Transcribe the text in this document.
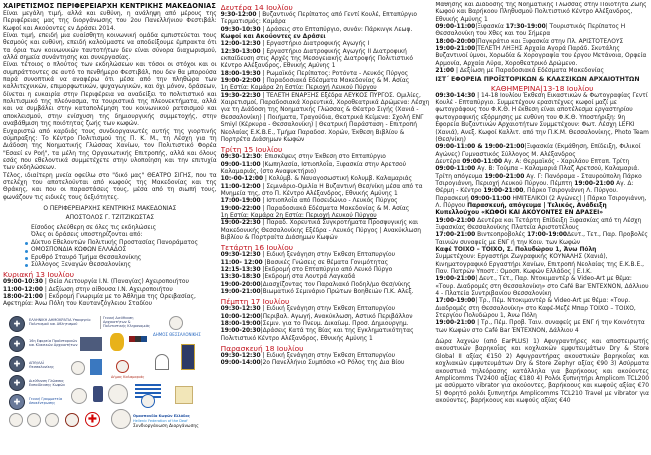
ΧΑΙΡΕΤΙΣΜΟΣ ΠΕΡΙΦΕΡΕΙΑΡΧΗ ΚΕΝΤΡΙΚΗΣ ΜΑΚΕΔΟΝΙΑΣ

Είναι μεγάλη τιμή, αλλά και ευθύνη, η ανάληψη από μέρους της Περιφέρειας μας της διοργάνωσης του 2ου Πανελλήνιου Φεστιβάλ: Κωφοί και Ακούοντες εν Δράσει 2014.

Είναι τιμή, επειδή μια ευαίσθητη κοινωνική ομάδα εμπιστεύεται τους θεσμούς και ευθύνη, επειδή καλούμαστε να αποδείξουμε έμπρακτα ότι τα όρια των κοινωνικών ταυτοτήτων δεν είναι σύνορα διαχωρισμού, αλλά σημεία συνάντησης και συνεργασίας.

Είναι τέτοιος ο πλούτος των εκδηλώσεων και τόσοι οι στόχοι και οι συμπράττοντες σε αυτό το πενθήμερο Φεστιβάλ, που δεν θα μπορούσα παρά συνοπτικά να αναφέρω ότι μέσα από την πληθώρα των καλλιτεχνικών, επιμορφωτικών, ψυχαγωγικών, και όχι μόνον, δράσεων, δίνεται η ευκαιρία στην Περιφέρεια να αναδείξει το πολιτιστικό και πολιτισμικό της πλεόνασμα, τα τουριστικά της πλεονεκτήματα, αλλά και να συμβάλει στην καταπολέμηση του κοινωνικού ρατσισμού και αποκλεισμού, στην ενίσχυση της δημιουργικής συμμετοχής, στην αναβάθμιση της ποιότητας ζωής των κωφών.

Ευχαριστώ από καρδιάς τους συνδιοργανωτές αυτής της γιορτινής σύμπραξης: Το Κέντρο Πολιτισμού της Π. Κ. Μ., τη Λέσχη για τη Διάδοση της Νοηματικής Γλώσσας Χανίων, τον Πολιτιστικό Φορέα "Εσαεί εν Ροή", τα μέλη της Οργανωτικής Επιτροπής, αλλά και όλους εσάς που εθελοντικά συμμετέχετε στην υλοποίηση και την επιτυχία των εκδηλώσεων.

Τέλος, ιδιαίτερη μνεία οφείλω στο "δικό μας" ΘΕΑΤΡΟ ΣΙΓΗΣ, που τα στελέχη του αποτελούνται από κωφούς της Μακεδονίας και της Θράκης, και που οι παραστάσεις τους, μέσα από τη σιωπή τους, φωνάζουν τις ειδικές τους δεξιότητες.

Ο ΠΕΡΙΦΕΡΕΙΑΡΧΗΣ ΚΕΝΤΡΙΚΗΣ ΜΑΚΕΔΟΝΙΑΣ
ΑΠΟΣΤΟΛΟΣ Γ. ΤΖΙΤΖΙΚΩΣΤΑΣ
Είσοδος ελεύθερη σε όλες τις εκδηλώσεις
Όλες οι δράσεις υποστηρίζονται από:
Δίκτυο Εθελοντών Πολιτικής Προστασίας Πανοράματος
ΟΜΟΣΠΟΝΔΙΑ ΚΩΦΩΝ ΕΛΛΑΔΟΣ
Ερυθρό Σταυρό Τμήμα Θεσσαλονίκης
Σύλλογος Ξεναγών Θεσσαλονίκης
Κυριακή 13 Ιουλίου
09:00-10:30 | Θεία Λειτουργία Ι.Ν. (Παναγίας) Αχειροποιήτου
11:00-12:00 | Δεξίωση στην αίθουσα Ι.Ν. Αχειροποιήτου
18:00-21:00 | Εκδρομή Γνωριμία με το Άθλημα της Ορειβασίας, Αφετηρία: Άνω Πόλη του Καυτανζόγλειου Σταδίου
✚
ΕΛΛΗΝΙΚΗ ΔΗΜΟΚΡΑΤΙΑ Υπουργείο Πολιτισμού και Αθλητισμού
Γενική Διεύθυνση Αρχαιοτήτων & Πολιτιστικής Κληρονομιάς
ΔΗΜΟΣ ΘΕΣΣΑΛΟΝΙΚΗΣ
✚
16η Εφορεία Προϊστορικών και Κλασικών Αρχαιοτήτων
✚
ΑΠΘ/ΛΑΪ Θεσσαλονίκης
Δήμος Καλαμαριάς
✚
Διεύθυνση Γλώσσας Εκπαίδευσης Κωφών
✚
Γενική Γραμματεία Αποκέντρωσης
✚
Ομοσπονδία Κωφών Ελλάδος
Hellenic Federation of the Deaf
Συνδιοργάνωση Διοργάνωσης
Δευτέρα 14 Ιουλίου
9:30-12:00 | Βυζαντινός Περίπατος από Γεντί Κουλέ, Επταπύργιο Τερματισμός: Καμάρα
09:30-10:30 | Δράσεις στο Επταπύργιο, συνάν: Πάρκινγκ Λεωφ.
Κωφοί και Ακούοντες εν Δράσει
12:00-12:30 | Εργαστήριο Διατροφικής Αγωγής Ι
12:30-13:00 | Εργαστήριο Διατροφικής Αγωγής ΙΙ Διατροφική εκπαίδευση στις Αρχές της Μεσογειακής Διατροφής Πολιτιστικό Κέντρο Αλέξανδρος, Εθνικής Αμύνης 1
18:00-19:30 | Ρωμαϊκός Περίπατος: Ροτόντα - Λευκός Πύργος
19:00-22:00 | Παραδοσιακά Εδέσματα Μακεδονίας & Μ. Ασίας
1η Εστία: Καμάρα 2η Εστία: Περιοχή Λευκού Πύργου
19:30-22:30 | ΤΕΛΕΤΗ ΕΝΑΡΞΗΣ Εξέδρα ΛΕΥΚΟΣ ΠΥΡΓΟΣ. Ομιλίες, Χαιρετισμοί, Παραδοσιακά Χορευτικά, Χοροθεατρικά Δρώμενα: Λέσχη για τη Διάδοση της Νοηματικής Γλώσσας & Θέατρο Σιγής (Χανιά - Θεσσαλονίκη) | Ποιήματα, Τραγούδια, Θεατρικά Κείμενα: Σχολή ΕΝΓ Smiyl (Κέρκυρα - Θεσσαλονίκη) | Θεατρική Παράσταση - Επιτροπή Νεολαίας Ε.Κ.Β.Ε., Τμήμα Παραδοσ. Χορών, Έκθεση Βιβλίου & Πορτρέτα Διάσημων Κωφών
Τρίτη 15 Ιουλίου
09:30-12:30: Επισκέψεις στην Έκθεση στο Επταπύργιο
09:00-11:00 |Κωπηλασία, Ιστιοπλοΐα, Ξιφασκία στην Αρετσού Καλαμαριάς, (στο Αναψυκτήριο)
10:-00-12:00 | Κολύμβ. & Ναυαγοσωστική Κολυμβ. Καλαμαριάς
11:00-12:00 | Σεμινάριο-Ομιλία Η Βυζαντινή Θεσ/νίκη μέσα από τα Μνημεία της, στο Π. Κέντρο Αλέξανδρος, Εθνικής Αμύνης 1
17:00-19:00 | Ιστιοπλοΐα από Ποσειδώνιο - Λευκός Πύργος
19:00-22:00 | Παραδοσιακά Εδέσματα Μακεδονίας & Μ. Ασίας
1η Εστία: Καμάρα 2η Εστία: Περιοχή Λευκού Πύργου
19:00-22:30 | Παραδ. Χορευτικά Συγκροτήματα Προσφυγικής και Μακεδονικής Θεσσαλονίκης Εξέδρα - Λευκός Πύργος | Ανακύκλωση Βιβλίου & Πορτραίτα Διάσημων Κωφών
Τετάρτη 16 Ιουλίου
09:30-12:30 | Ειδική ξενάγηση στην Έκθεση Επταπυργίου
11:00- 12:00 |Βασικές Γνώσεις σε θέματα Γονιμότητας
12:15-13:30 |Εκδρομή στο Επταπύργιο από Λευκό Πύργο
13:30-18:30 |Εκδρομή στα Λουτρά Λαγκαδά
19:00-20:00|Διασχίζοντας τον Παραλιακό Ποδηλ/μο Θεσ/νίκης
19:00-21:00|Βιωματικό Σεμινάριο Πρώτων Βοηθειών Π.Κ. Αλεξ.
Πέμπτη 17 Ιουλίου
09:30-12:30 | Ειδική ξενάγηση στην Έκθεση Επταπυργίου
10:00-12:00|Περιβαλ. Αγωγή, Ανακύκλωση, Αστικό Περιβάλλον
18:00-19:00|Σεμιν. για το Πνευμ. Δικαίωμ. Προσ. Δημιουργημ.
19:00-20:30|Δράσεις Κατά της Βίας και της Εγκληματικότητας Πολιτιστικό Κέντρο Αλέξανδρος, Εθνικής Αμύνης 1
Παρασκευή 18 Ιουλίου
09:30-12:30 | Ειδική ξενάγηση στην Έκθεση Επταπυργίου
09:00-14:00|2ο Πανελλήνιο Συμπόσιο «Ο Ρόλος της Δια Βίου
Μάθησης και Διάδοσης της Νοηματικής Γλώσσας στην Ποιότητα Ζωής Κωφού και Βαρήκοου Πληθυσμού Πολιτιστικό Κέντρο Αλέξανδρος, Εθνικής Αμύνης 1
09:00-11:00|Ξιφασκία 17:30-19:00| Τουριστικός Περίπατος Η Θεσσαλονίκη του Χθες και του Σήμερα
18:00-20:00|Παγκράτιο και Ξιφασκία στην Πλ. ΑΡΙΣΤΟΤΕΛΟΥΣ
19:00-21:00|ΤΕΛΕΤΗ ΛΗΞΗΣ Αρχαία Αγορά Παράδ. Σκυτάλης Βυζαντινοί ύμνοι, Χορωδία & Χορογραφία του έργου Μετάνοια, Ορφεία Αρμονία, Αρχαία Λύρα, Χοροθεατρικό Δρώμενο.
21:00 | Δεξίωση με Παραδοσιακά Εδέσματα Μακεδονίας
ΙΣΤ΄ ΕΦΟΡΕΙΑ ΠΡΟΪΣΤΟΡΙΚΩΝ & ΚΛΑΣΣΙΚΩΝ ΑΡΧΑΙΟΤΗΤΩΝ
ΚΑΘΗΜΕΡΙΝΑ|13-18 Ιουλίου
09:30-14:30 | 14-18 Ιουλίου Έκθεση Εικαστικών & Φωτογραφίας Γεντί Κουλέ - Επταπύργιο. Συμμετέχουν ερασιτέχνες κωφοί μαζί με φωτογράφους του Φ.Κ.Θ. Η έκθεση είναι αποτέλεσμα εργαστηρίου φωτογραφικής εξόρμησης με ευθύνη του Φ.Κ.Θ. Υποστήριξη: 9η Εφορεία Βυζαντινών Αρχαιοτήτων Συμμετέχουν: Φωτ. Λέσχη LEFKI (Χανιά), Ανεξ. Κωφοί Καλλιτ. από την Π.Κ.Μ. Θεσσαλονίκης, Photo Team (Θεσ/νίκη)
09:00-11:00 & 19:00-21:00|Ξιφασκία (Εκμάθηση, Επίδειξη, Φιλικοί Αγώνες) Γυμναστικός Σύλλογος Μ. Αλέξανδρος
Δευτέρα 09:00-11:00 Αγ. Α: Θερμαϊκός - Χαριλάου Επταπ. Τρίτη 09:00-11:00 Αγ. Β: Τούμπα – Καλαμαριά Πλαζ Αρετσού, Καλαμαριά. Τρίτη απόγευμα 19:00-21:00 Αγ. Γ: Πανόραμα - Σταυρούπολη Πάρκο Τσιρογιάννη, Περιοχή Λευκού Πύργου. Πέμπτη 19:00-21:00 Αγ. Δ: Θέρμη - Κέντρο 19:00-21:00, Πάρκο Τσιρογιάννη Λ. Πύργου. Παρασκευή 09:00-11:00 ΗΜΙΤΕΛΙΚΟΙ (2 Αγώνες) | Πάρκο Τσιρογιάννη, Λ. Πύργου Παρασκευή, απόγευμα | Τελικός, Ανάδειξη Κυπελλούχου «ΚΩΦΟΙ ΚΑΙ ΑΚΟΥΟΝΤΕΣ ΕΝ ΔΡΑΣΕΙ»
19:00-21:00 Δευτέρα και Τετάρτη Επίδειξη Ξιφασκίας από τη Λέσχη Ξιφασκίας Θεσσαλονίκης Πλατεία Αριστοτέλους
17:00-21:00 Βιντεοπροβολές 17:00-19:00Δευτ., Τετ., Παρ. Προβολές Ταινιών συναφείς με ΕΝΓ ή την Κοιν. των Κωφών
Καφέ ΤΟΙΧΟ – ΤΟΙΧΟ, Σ. Πολυδώρου 1, Άνω Πόλη
Συμμετέχουν: Εργαστήρι Ζωγραφικής ΚΟΥΝΑΛΗΣ (Χανιά), Κινηματογραφικό Εργαστήρι Χανίων, Επιτροπή Νεολαίας της Ε.Κ.Β.Ε., Παν. Πατρών Υποστ.: Ομοσπ. Κωφών Ελλάδος | Ε.Ι.Κ.
19:00-21:00| Δευτ., Τετ., Παρ. Ντοκιμαντέρ & Video-Art με θέμα: «Τουρ. Διαδρομές στη Θεσσαλονίκη» στο Café Bar ΈΝΤΕΧΝΟΝ, Δάλλιου 4 - Πλατεία Συντριβανίου Θεσσαλονίκη
17:00-19:00| Τρ., Πέμ. Ντοκιμαντέρ & Video-Art με θέμα: «Τουρ. Διαδρομές στη Θεσσαλονίκη» στο Καφέ-Μεζέ Μπαρ ΤΟΙΧΟ – ΤΟΙΧΟ, Στεργίου Πολυδώρου 1, Άνω Πόλη
19:00-21:00 | Τρ., Πέμ. Προβ. Ταιν. συναφείς με ΕΝΓ ή την Κοινότητα των Κωφών στο Café Bar ΈΝΤΕΧΝΟΝ, Δάλλιου 4
Δώρα λαχνών (από EarPLUS) 1) Αφυγραντήρες και αποστειρωτής ακουστικών βαρηκοΐας και κοχλιακών εμφυτευμάτων Dry & Store Global II αξίας €150 2) Αφυγραντήρας ακουστικών βαρηκοΐας και κοχλιακών εμφυτευμάτων Dry & Store Zephyr αξίας €90 3) Ασύρματα ακουστικά τηλεόρασης κατάλληλα για βαρήκοους και ακούοντες Amplicomms TV2400 αξίας €180 4) Ρολόι ξυπνητήρι Amplicom TCL200 με ασύρματο vibrator για ακούοντες, βαρήκοους και κωφούς αξίας €70 5) Φορητό ρολόι ξυπνητήρι Amplicomms TCL210 Travel με vibrator για ακούοντες, βαρήκοους και κωφούς αξίας €40
